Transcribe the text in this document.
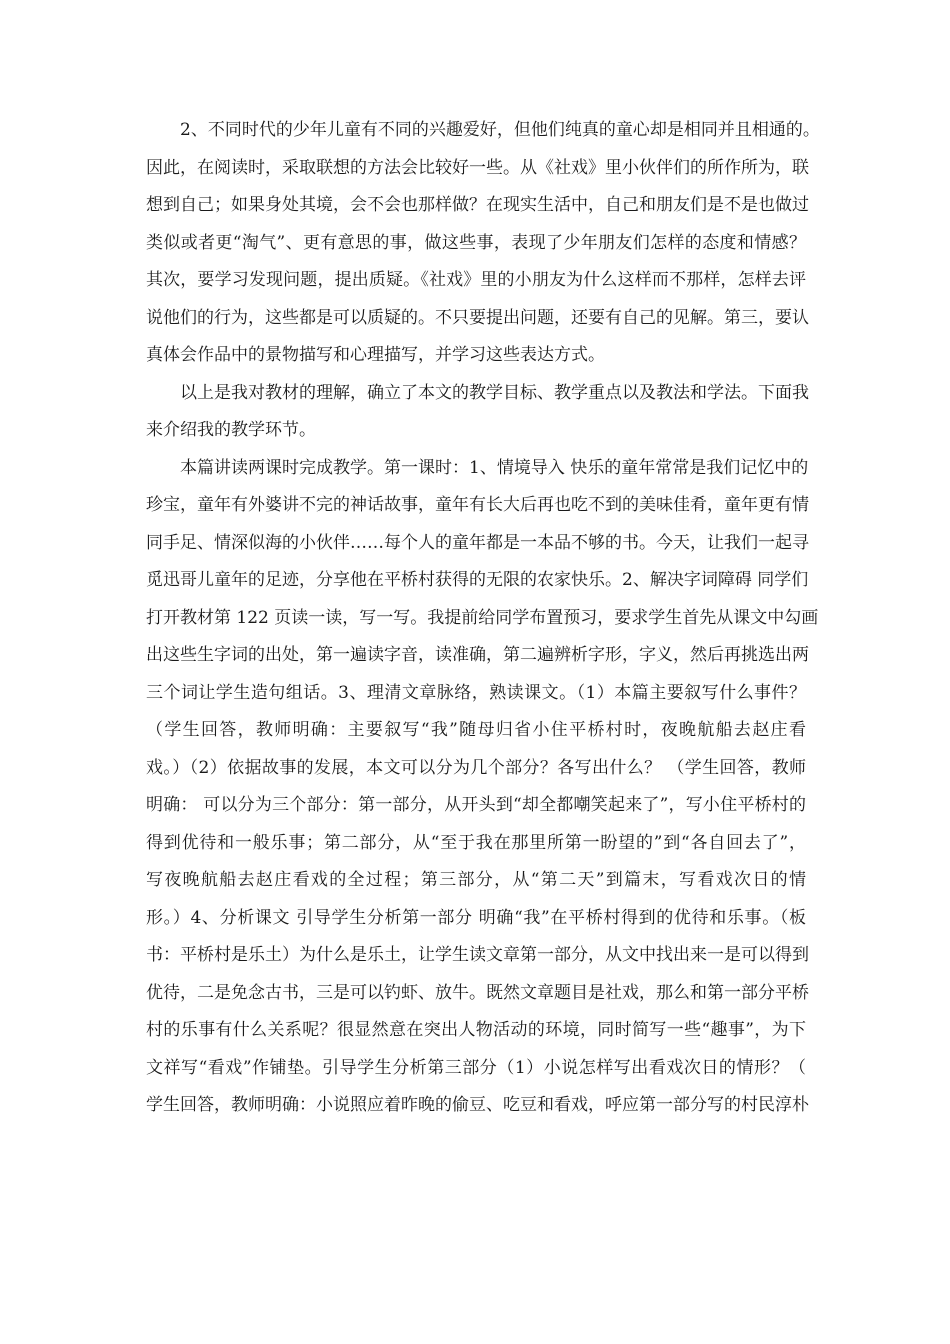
2、不同时代的少年儿童有不同的兴趣爱好，但他们纯真的童心却是相同并且相通的。
因此，在阅读时，采取联想的方法会比较好一些。从《社戏》里小伙伴们的所作所为，联
想到自己；如果身处其境，会不会也那样做？在现实生活中，自己和朋友们是不是也做过
类似或者更“淘气”、更有意思的事，做这些事，表现了少年朋友们怎样的态度和情感？
其次，要学习发现问题，提出质疑。《社戏》里的小朋友为什么这样而不那样，怎样去评
说他们的行为，这些都是可以质疑的。不只要提出问题，还要有自己的见解。第三，要认
真体会作品中的景物描写和心理描写，并学习这些表达方式。
以上是我对教材的理解，确立了本文的教学目标、教学重点以及教法和学法。下面我
来介绍我的教学环节。
本篇讲读两课时完成教学。第一课时：1、情境导入 快乐的童年常常是我们记忆中的
珍宝，童年有外婆讲不完的神话故事，童年有长大后再也吃不到的美味佳肴，童年更有情
同手足、情深似海的小伙伴……每个人的童年都是一本品不够的书。今天，让我们一起寻
觅迅哥儿童年的足迹，分享他在平桥村获得的无限的农家快乐。2、解决字词障碍 同学们
打开教材第 122 页读一读，写一写。我提前给同学布置预习，要求学生首先从课文中勾画
出这些生字词的出处，第一遍读字音，读准确，第二遍辨析字形，字义，然后再挑选出两
三个词让学生造句组话。3、理清文章脉络，熟读课文。（1）本篇主要叙写什么事件？
（学生回答，教师明确：主要叙写“我”随母归省小住平桥村时，夜晚航船去赵庄看
戏。）（2）依据故事的发展，本文可以分为几个部分？各写出什么？ （学生回答，教师
明确： 可以分为三个部分：第一部分，从开头到“却全都嘲笑起来了”，写小住平桥村的
得到优待和一般乐事；第二部分，从“至于我在那里所第一盼望的”到“各自回去了”，
写夜晚航船去赵庄看戏的全过程；第三部分，从“第二天”到篇末，写看戏次日的情
形。）4、分析课文 引导学生分析第一部分 明确“我”在平桥村得到的优待和乐事。（板
书：平桥村是乐土）为什么是乐土，让学生读文章第一部分，从文中找出来一是可以得到
优待，二是免念古书，三是可以钓虾、放牛。既然文章题目是社戏，那么和第一部分平桥
村的乐事有什么关系呢？很显然意在突出人物活动的环境，同时简写一些“趣事”，为下
文祥写“看戏”作铺垫。引导学生分析第三部分（1）小说怎样写出看戏次日的情形？（
学生回答，教师明确：小说照应着昨晚的偷豆、吃豆和看戏，呼应第一部分写的村民淳朴
